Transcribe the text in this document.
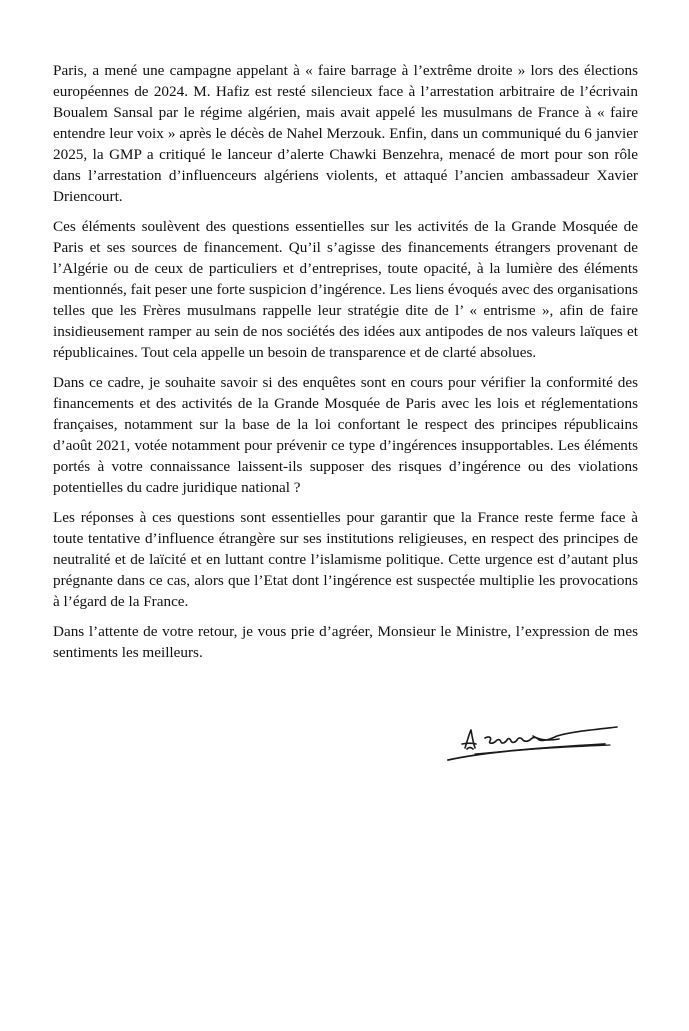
Paris, a mené une campagne appelant à « faire barrage à l’extrême droite » lors des élections européennes de 2024. M. Hafiz est resté silencieux face à l’arrestation arbitraire de l’écrivain Boualem Sansal par le régime algérien, mais avait appelé les musulmans de France à « faire entendre leur voix » après le décès de Nahel Merzouk. Enfin, dans un communiqué du 6 janvier 2025, la GMP a critiqué le lanceur d’alerte Chawki Benzehra, menacé de mort pour son rôle dans l’arrestation d’influenceurs algériens violents, et attaqué l’ancien ambassadeur Xavier Driencourt.

Ces éléments soulèvent des questions essentielles sur les activités de la Grande Mosquée de Paris et ses sources de financement. Qu’il s’agisse des financements étrangers provenant de l’Algérie ou de ceux de particuliers et d’entreprises, toute opacité, à la lumière des éléments mentionnés, fait peser une forte suspicion d’ingérence. Les liens évoqués avec des organisations telles que les Frères musulmans rappelle leur stratégie dite de l’ « entrisme », afin de faire insidieusement ramper au sein de nos sociétés des idées aux antipodes de nos valeurs laïques et républicaines. Tout cela appelle un besoin de transparence et de clarté absolues.

Dans ce cadre, je souhaite savoir si des enquêtes sont en cours pour vérifier la conformité des financements et des activités de la Grande Mosquée de Paris avec les lois et réglementations françaises, notamment sur la base de la loi confortant le respect des principes républicains d’août 2021, votée notamment pour prévenir ce type d’ingérences insupportables. Les éléments portés à votre connaissance laissent-ils supposer des risques d’ingérence ou des violations potentielles du cadre juridique national ?

Les réponses à ces questions sont essentielles pour garantir que la France reste ferme face à toute tentative d’influence étrangère sur ses institutions religieuses, en respect des principes de neutralité et de laïcité et en luttant contre l’islamisme politique. Cette urgence est d’autant plus prégnante dans ce cas, alors que l’Etat dont l’ingérence est suspectée multiplie les provocations à l’égard de la France.

Dans l’attente de votre retour, je vous prie d’agréer, Monsieur le Ministre, l’expression de mes sentiments les meilleurs.
